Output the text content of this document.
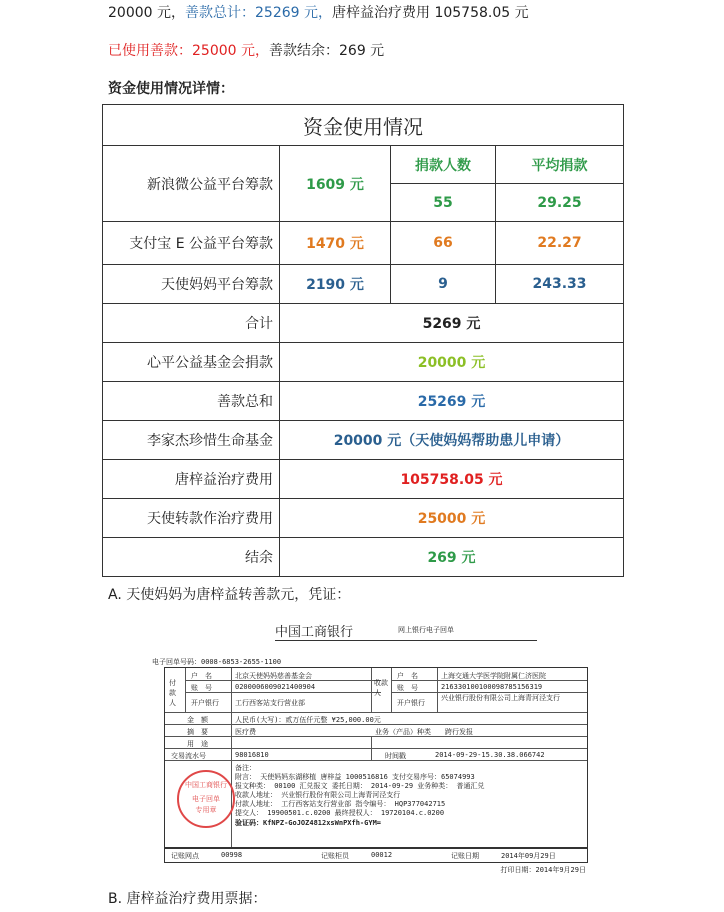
20000 元，善款总计：25269 元，唐梓益治疗费用 105758.05 元
已使用善款：25000 元，善款结余：269 元
资金使用情况详情：
资金使用情况			
新浪微公益平台筹款	1609 元	捐款人数	平均捐款
		55	29.25
支付宝 E 公益平台筹款	1470 元	66	22.27
天使妈妈平台筹款	2190 元	9	243.33
合计	5269 元		
心平公益基金会捐款	20000 元		
善款总和	25269 元		
李家杰珍惜生命基金	20000 元（天使妈妈帮助患儿申请）		
唐梓益治疗费用	105758.05 元		
天使转款作治疗费用	25000 元		
结余	269 元		
A. 天使妈妈为唐梓益转善款元，凭证：
中国工商银行	网上银行电子回单
电子回单号码：0008-6853-2655-1100
付款人
收款人
户　名	北京天使妈妈慈善基金会	户　名	上海交通大学医学院附属仁济医院
账　号	0200006009021400904	账　号	216330100100098785156319
开户银行 工行西客站支行营业部	开户银行
兴业银行股份有限公司上海青河泾支行
金　额	人民币(大写)：贰万伍仟元整 ¥25,000.00元
摘　要	医疗费	业务（产品）种类 跨行发报
用　途
交易流水号	98016810	时间戳	2014-09-29-15.30.38.066742
备注：
附言： 天使妈妈东湖移植 唐梓益 1000516816 支付交易序号：65074993
报文种类： 00100 汇兑报文 委托日期： 2014-09-29 业务种类： 普通汇兑
收款人地址： 兴业银行股份有限公司上海青河泾支行
付款人地址： 工行西客站支行营业部 指令编号： HQP377042715
提交人： 19900501.c.0200 最终授权人： 19720104.c.0200
验证码：KfNPZ-GoJOZ4812xsWnPXfh-GYM=
中国工商银行
电子回单
专用章
记账网点	00998	记账柜员	00012	记账日期	2014年09月29日
打印日期：2014年9月29日
B. 唐梓益治疗费用票据：
